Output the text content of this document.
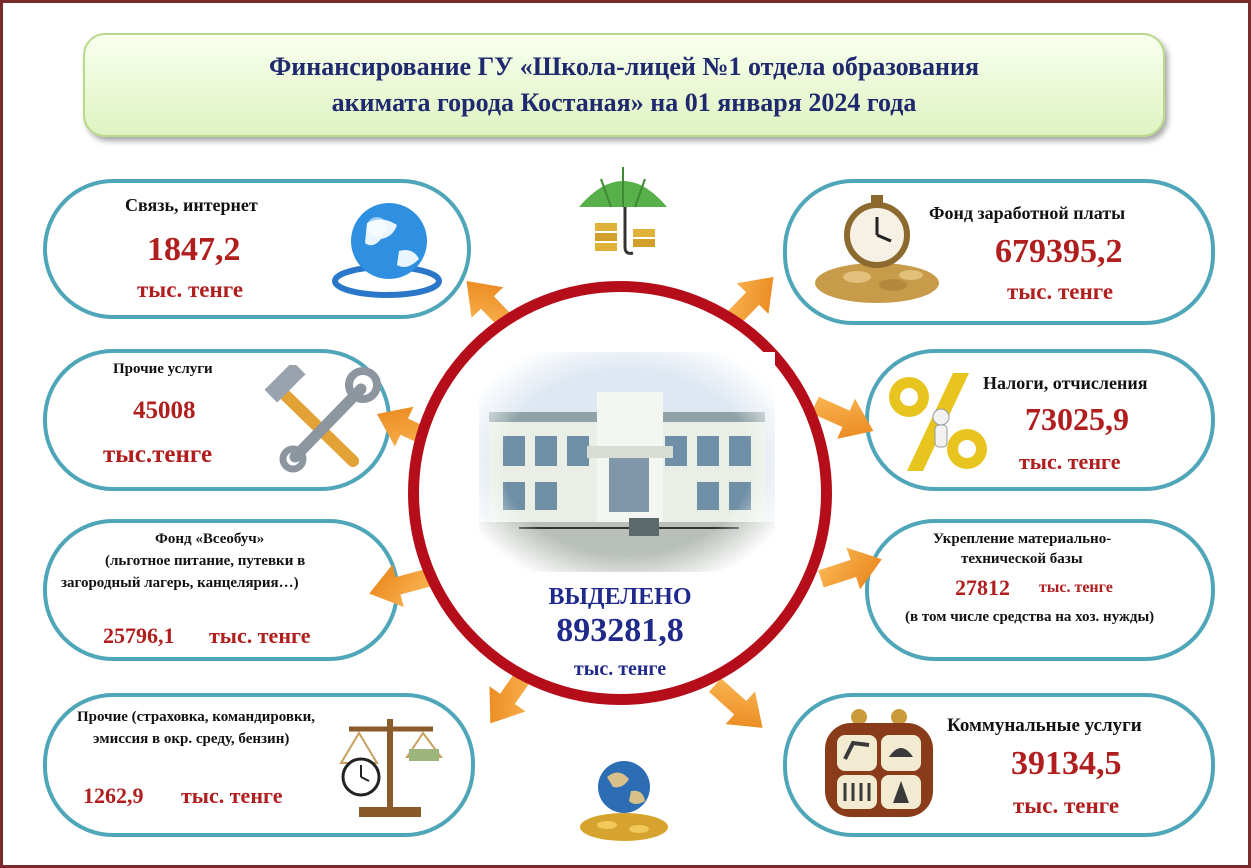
Финансирование ГУ «Школа-лицей №1 отдела образования
акимата города Костаная» на 01 января 2024 года
Связь, интернет
1847,2
тыс. тенге
Прочие услуги
45008
тыс.тенге
Фонд «Всеобуч»
(льготное питание, путевки в
загородный лагерь, канцелярия…)
25796,1 тыс. тенге
Прочие (страховка, командировки,
эмиссия в окр. среду, бензин)
1262,9 тыс. тенге
Фонд заработной платы
679395,2
тыс. тенге
Налоги, отчисления
73025,9
тыс. тенге
Укрепление материально-
технической базы
27812 тыс. тенге
(в том числе средства на хоз. нужды)
Коммунальные услуги
39134,5
тыс. тенге
ВЫДЕЛЕНО
893281,8
тыс. тенге
